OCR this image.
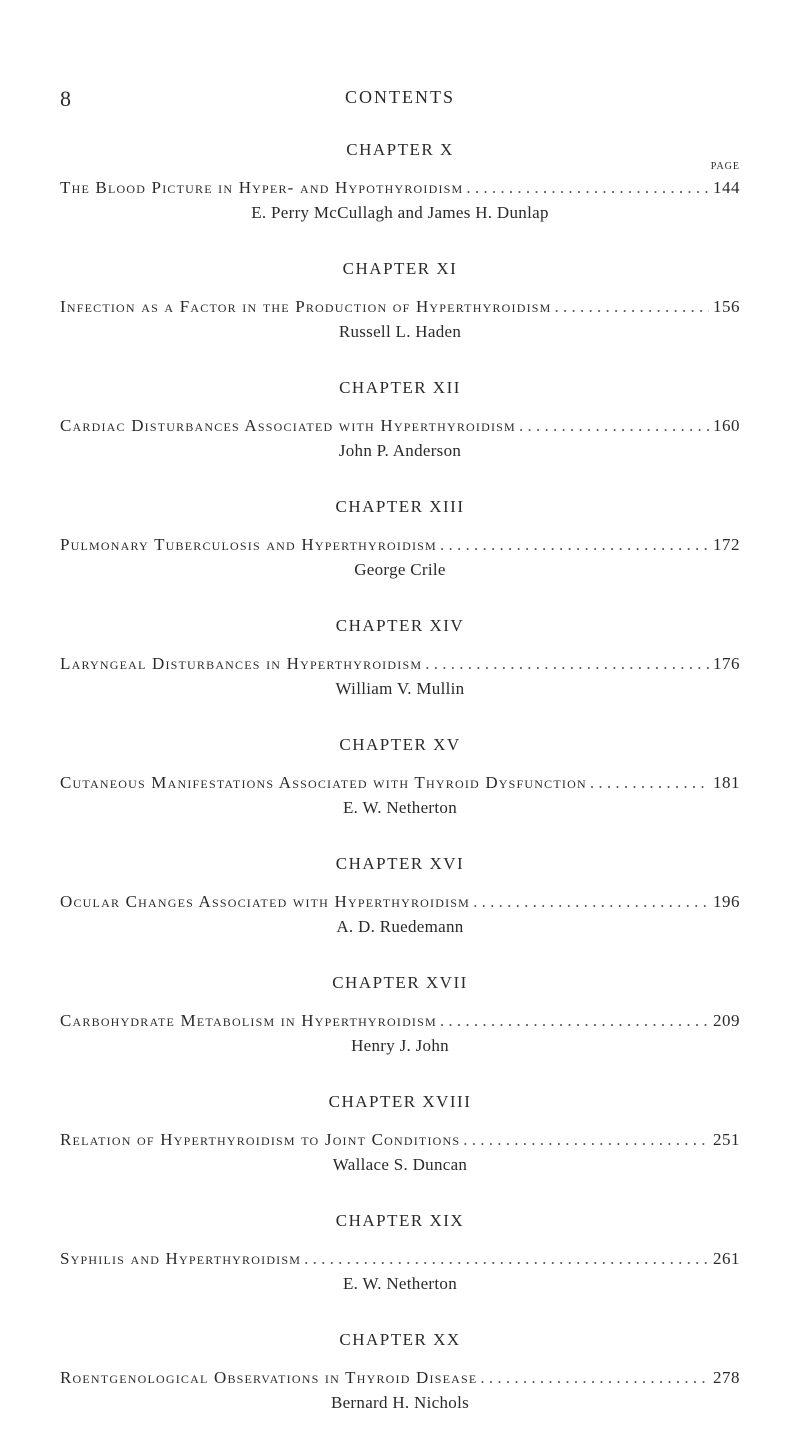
8	CONTENTS
PAGE
CHAPTER X
The Blood Picture in Hyper- and Hypothyroidism . . .	144
E. Perry McCullagh and James H. Dunlap
CHAPTER XI
Infection as a Factor in the Production of Hyperthyroidism . . .	156
Russell L. Haden
CHAPTER XII
Cardiac Disturbances Associated with Hyperthyroidism . . .	160
John P. Anderson
CHAPTER XIII
Pulmonary Tuberculosis and Hyperthyroidism . . .	172
George Crile
CHAPTER XIV
Laryngeal Disturbances in Hyperthyroidism . . .	176
William V. Mullin
CHAPTER XV
Cutaneous Manifestations Associated with Thyroid Dysfunction . . .	181
E. W. Netherton
CHAPTER XVI
Ocular Changes Associated with Hyperthyroidism . . .	196
A. D. Ruedemann
CHAPTER XVII
Carbohydrate Metabolism in Hyperthyroidism . . .	209
Henry J. John
CHAPTER XVIII
Relation of Hyperthyroidism to Joint Conditions . . .	251
Wallace S. Duncan
CHAPTER XIX
Syphilis and Hyperthyroidism . . .	261
E. W. Netherton
CHAPTER XX
Roentgenological Observations in Thyroid Disease . . .	278
Bernard H. Nichols
